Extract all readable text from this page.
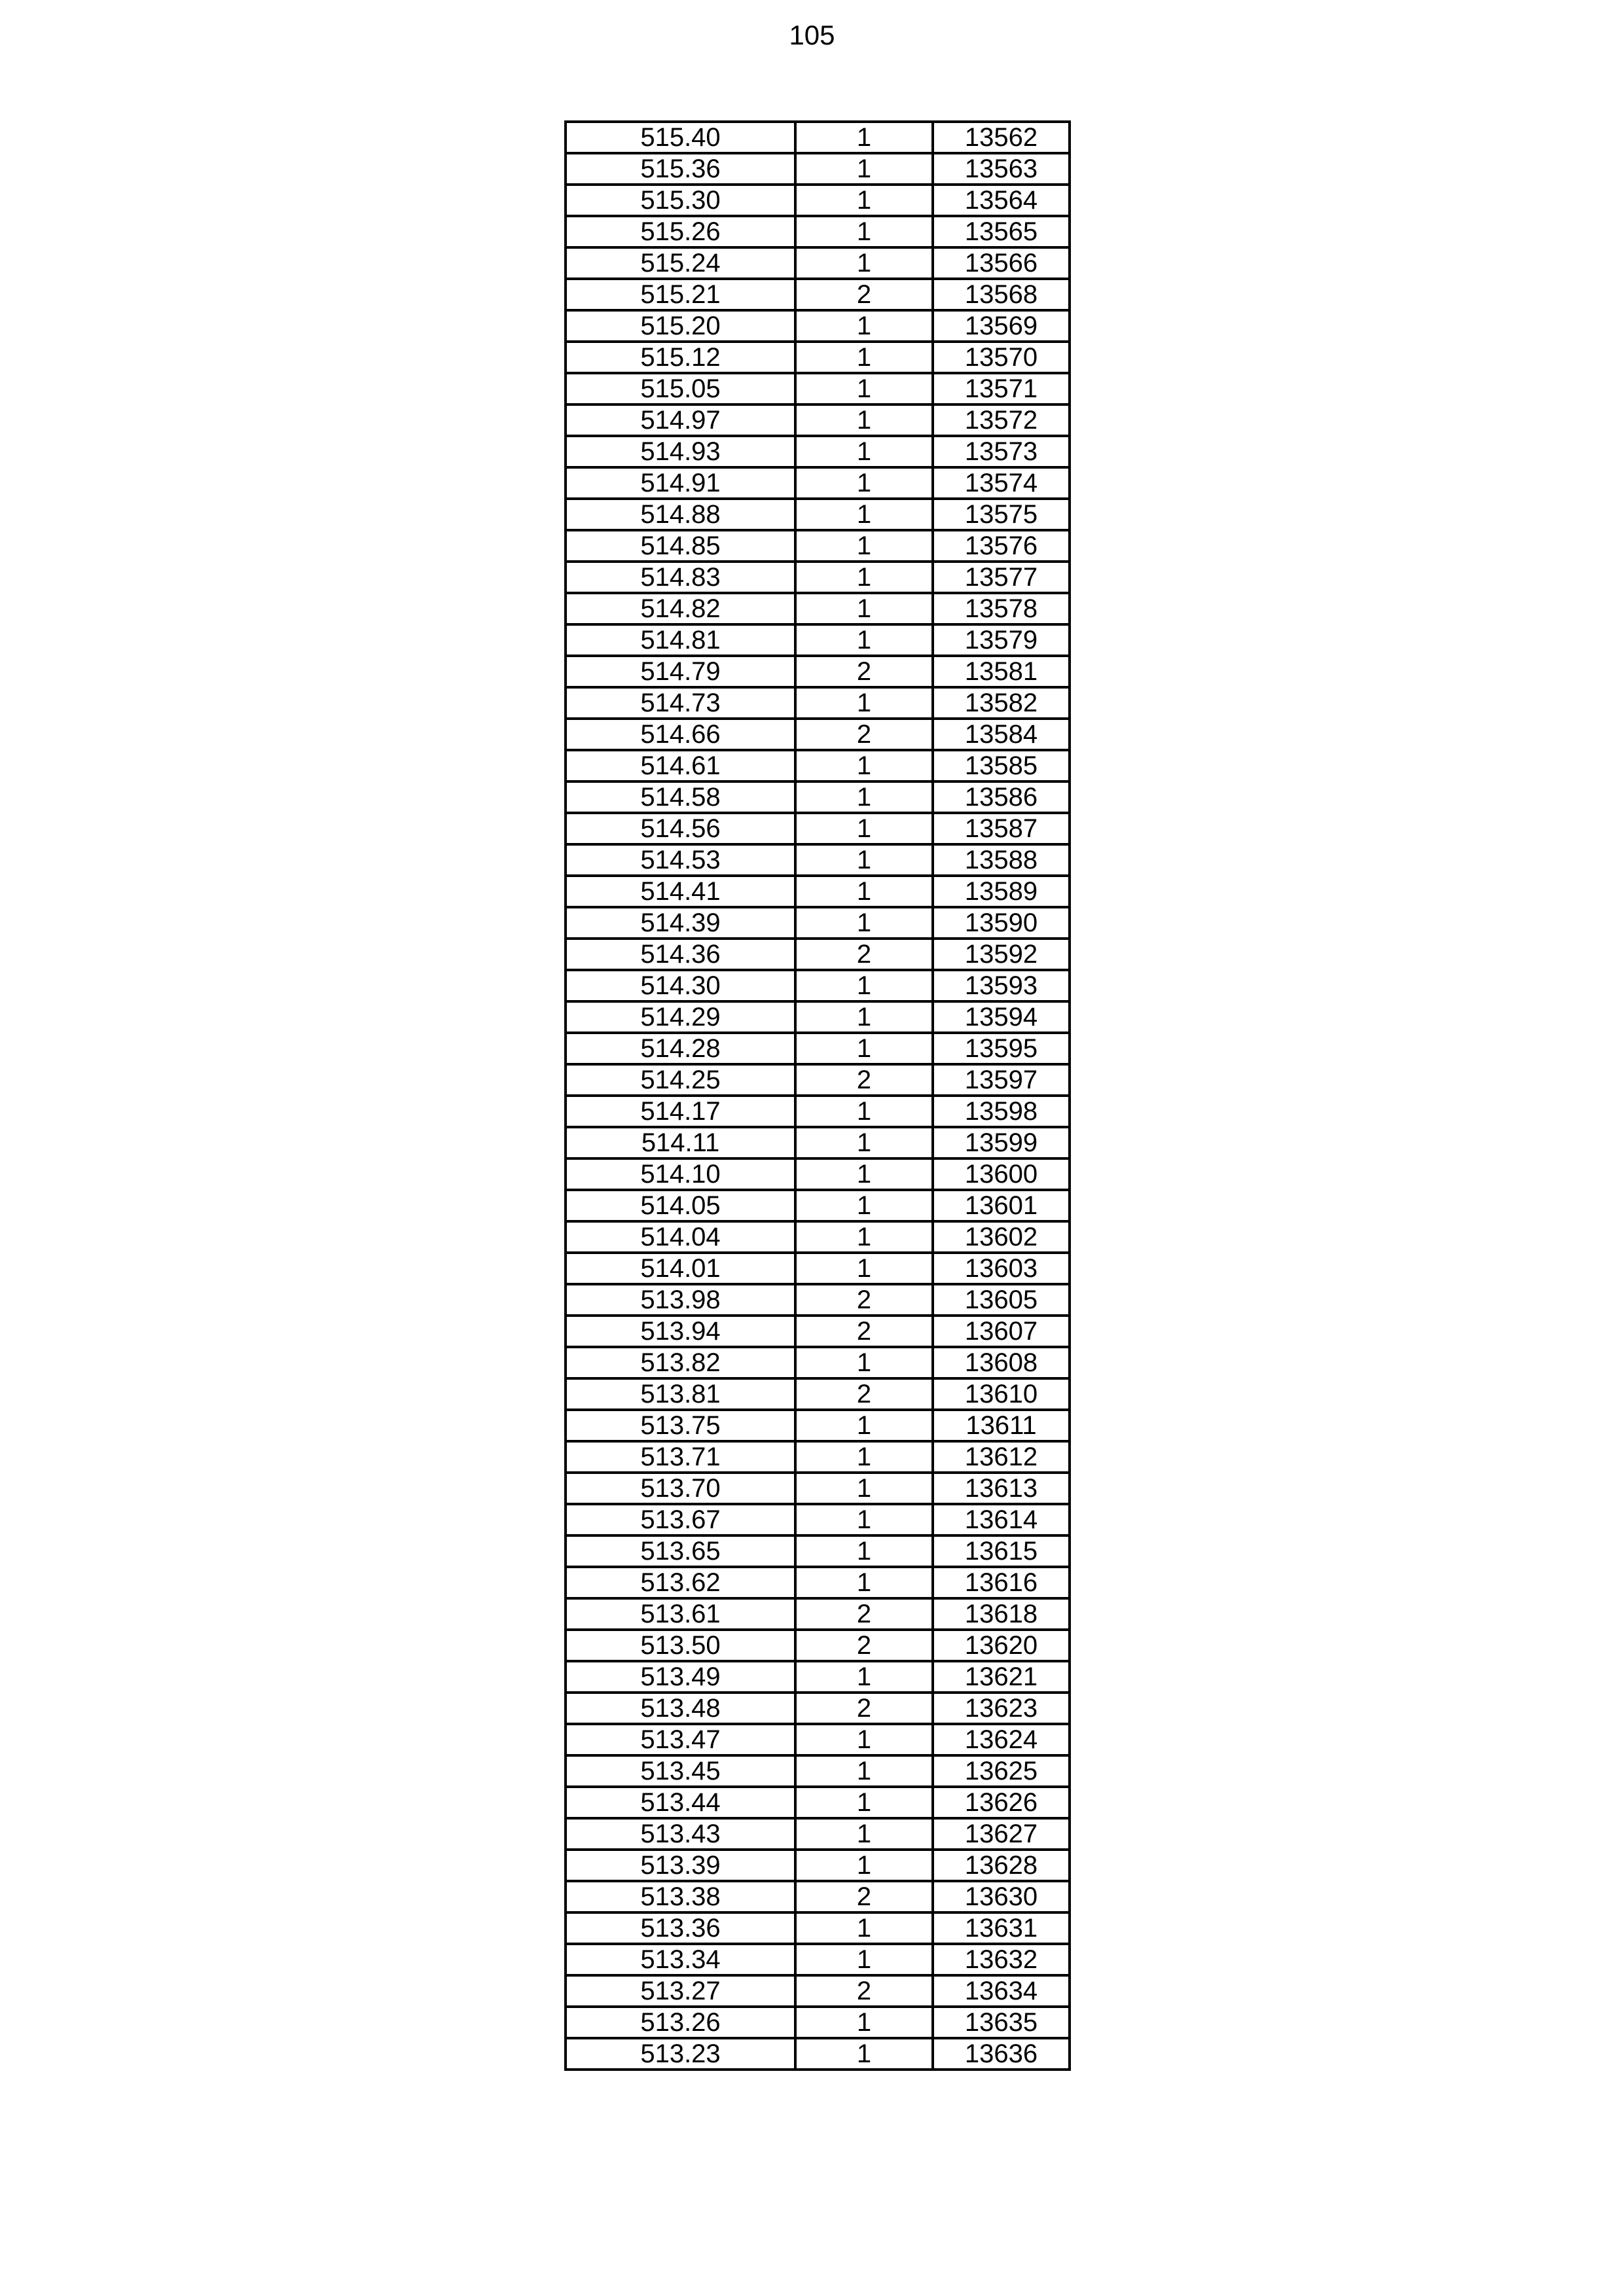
105
515.40	1	13562
515.36	1	13563
515.30	1	13564
515.26	1	13565
515.24	1	13566
515.21	2	13568
515.20	1	13569
515.12	1	13570
515.05	1	13571
514.97	1	13572
514.93	1	13573
514.91	1	13574
514.88	1	13575
514.85	1	13576
514.83	1	13577
514.82	1	13578
514.81	1	13579
514.79	2	13581
514.73	1	13582
514.66	2	13584
514.61	1	13585
514.58	1	13586
514.56	1	13587
514.53	1	13588
514.41	1	13589
514.39	1	13590
514.36	2	13592
514.30	1	13593
514.29	1	13594
514.28	1	13595
514.25	2	13597
514.17	1	13598
514.11	1	13599
514.10	1	13600
514.05	1	13601
514.04	1	13602
514.01	1	13603
513.98	2	13605
513.94	2	13607
513.82	1	13608
513.81	2	13610
513.75	1	13611
513.71	1	13612
513.70	1	13613
513.67	1	13614
513.65	1	13615
513.62	1	13616
513.61	2	13618
513.50	2	13620
513.49	1	13621
513.48	2	13623
513.47	1	13624
513.45	1	13625
513.44	1	13626
513.43	1	13627
513.39	1	13628
513.38	2	13630
513.36	1	13631
513.34	1	13632
513.27	2	13634
513.26	1	13635
513.23	1	13636
